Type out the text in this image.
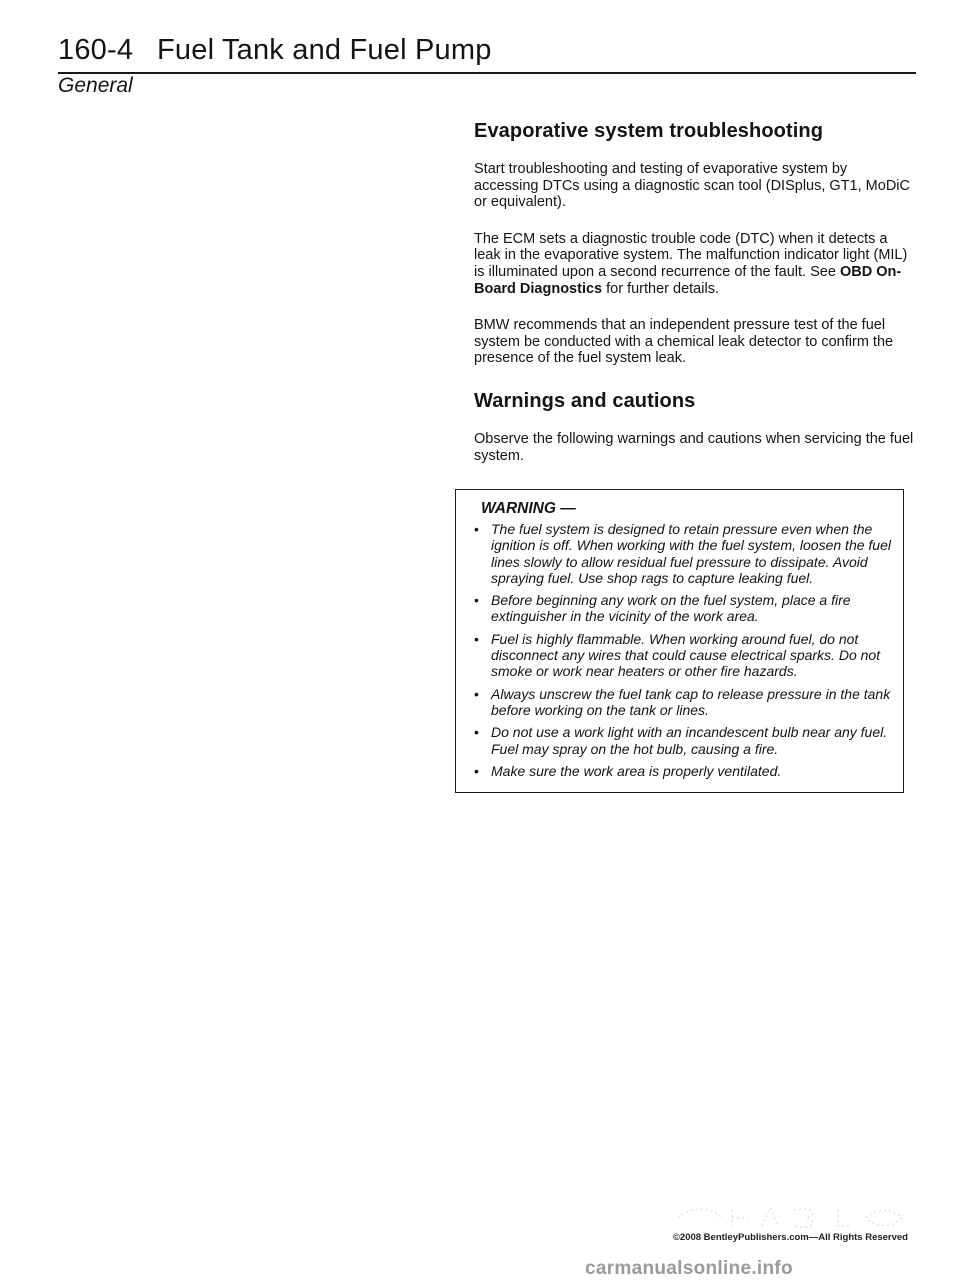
160-4 Fuel Tank and Fuel Pump
General
Evaporative system troubleshooting

Start troubleshooting and testing of evaporative system by accessing DTCs using a diagnostic scan tool (DISplus, GT1, MoDiC or equivalent).

The ECM sets a diagnostic trouble code (DTC) when it detects a leak in the evaporative system. The malfunction indicator light (MIL) is illuminated upon a second recurrence of the fault. See OBD On-Board Diagnostics for further details.

BMW recommends that an independent pressure test of the fuel system be conducted with a chemical leak detector to confirm the presence of the fuel system leak.

Warnings and cautions

Observe the following warnings and cautions when servicing the fuel system.

WARNING —
• The fuel system is designed to retain pressure even when the ignition is off. When working with the fuel system, loosen the fuel lines slowly to allow residual fuel pressure to dissipate. Avoid spraying fuel. Use shop rags to capture leaking fuel.
• Before beginning any work on the fuel system, place a fire extinguisher in the vicinity of the work area.
• Fuel is highly flammable. When working around fuel, do not disconnect any wires that could cause electrical sparks. Do not smoke or work near heaters or other fire hazards.
• Always unscrew the fuel tank cap to release pressure in the tank before working on the tank or lines.
• Do not use a work light with an incandescent bulb near any fuel. Fuel may spray on the hot bulb, causing a fire.
• Make sure the work area is properly ventilated.
©2008 BentleyPublishers.com—All Rights Reserved
carmanualsonline.info
